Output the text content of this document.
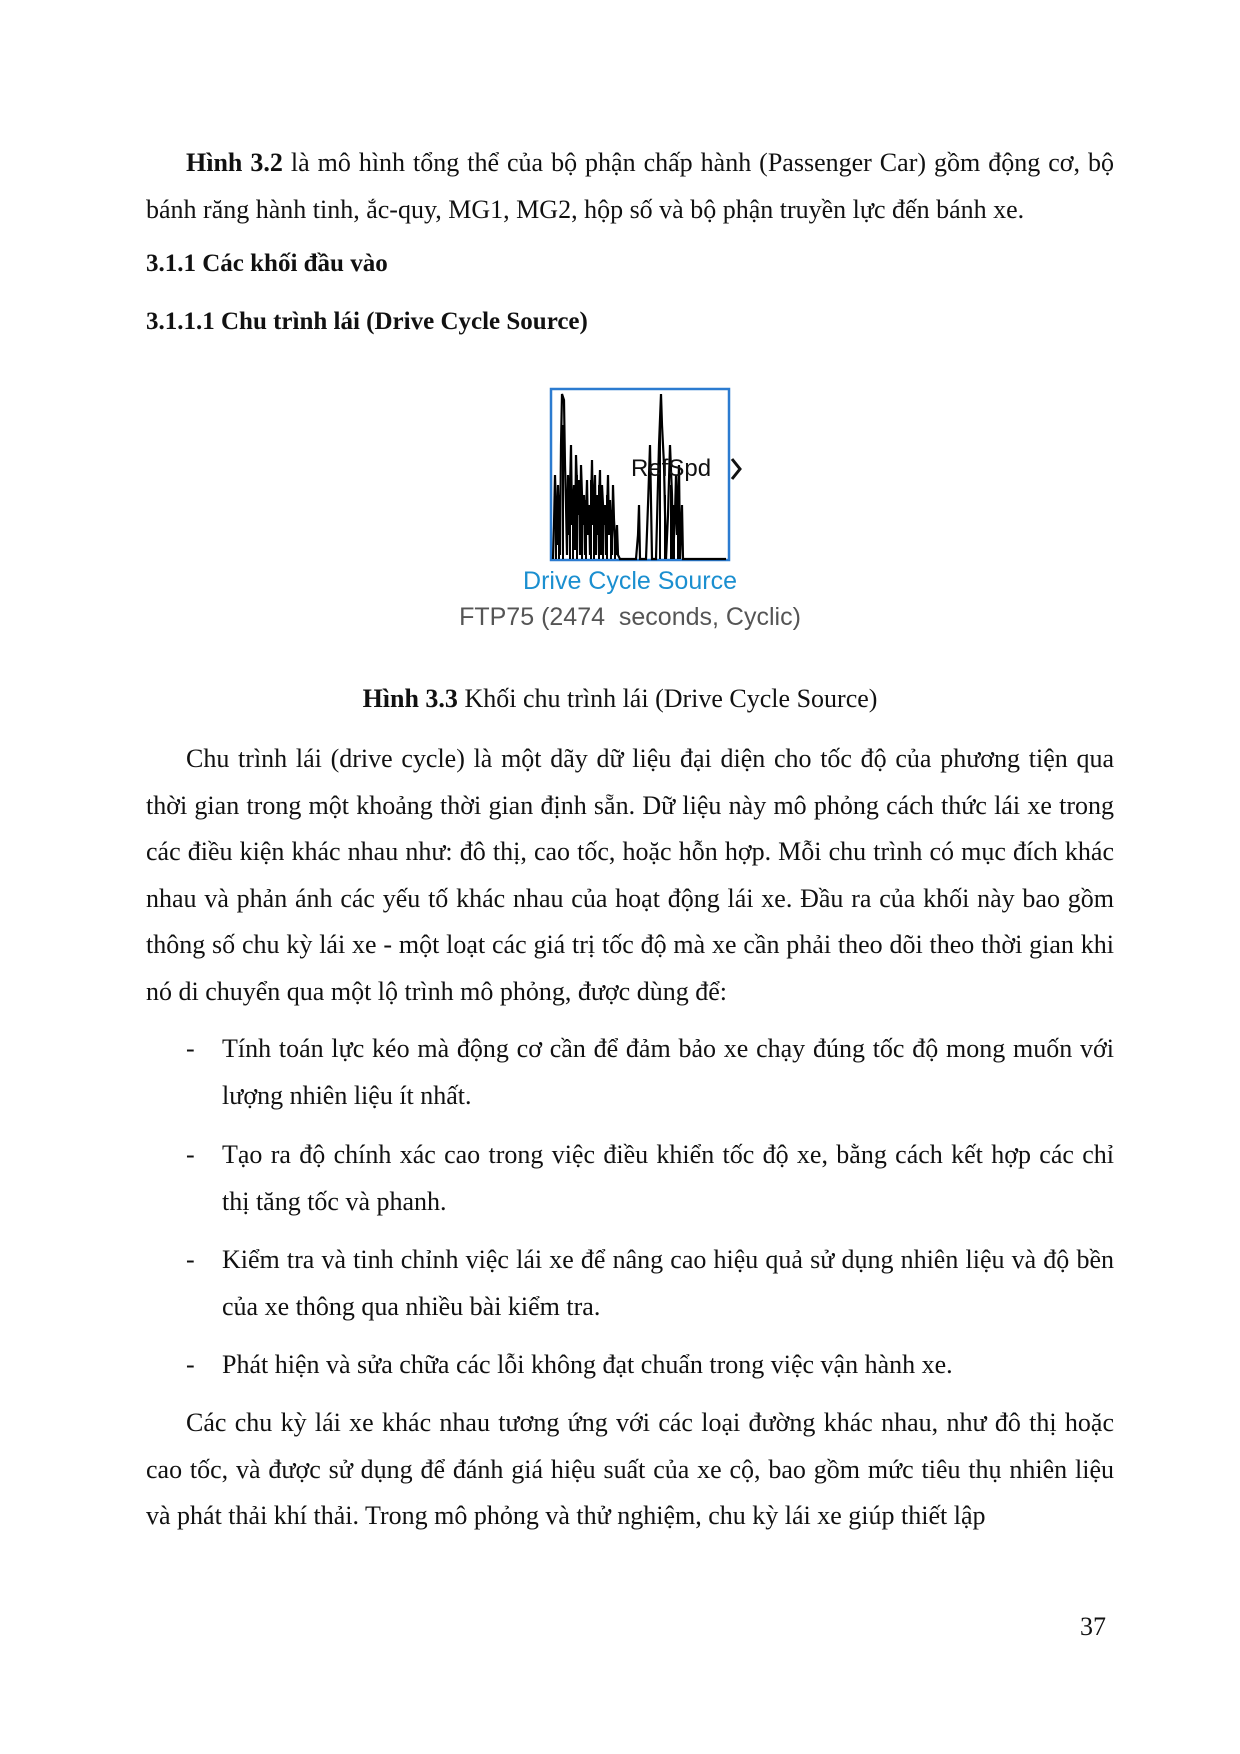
Hình 3.2 là mô hình tổng thể của bộ phận chấp hành (Passenger Car) gồm động cơ, bộ bánh răng hành tinh, ắc-quy, MG1, MG2, hộp số và bộ phận truyền lực đến bánh xe.

3.1.1 Các khối đầu vào

3.1.1.1 Chu trình lái (Drive Cycle Source)

RefSpd
Drive Cycle Source
FTP75 (2474  seconds, Cyclic)

Hình 3.3 Khối chu trình lái (Drive Cycle Source)

Chu trình lái (drive cycle) là một dãy dữ liệu đại diện cho tốc độ của phương tiện qua thời gian trong một khoảng thời gian định sẵn. Dữ liệu này mô phỏng cách thức lái xe trong các điều kiện khác nhau như: đô thị, cao tốc, hoặc hỗn hợp. Mỗi chu trình có mục đích khác nhau và phản ánh các yếu tố khác nhau của hoạt động lái xe. Đầu ra của khối này bao gồm thông số chu kỳ lái xe - một loạt các giá trị tốc độ mà xe cần phải theo dõi theo thời gian khi nó di chuyển qua một lộ trình mô phỏng, được dùng để:

- Tính toán lực kéo mà động cơ cần để đảm bảo xe chạy đúng tốc độ mong muốn với lượng nhiên liệu ít nhất.

- Tạo ra độ chính xác cao trong việc điều khiển tốc độ xe, bằng cách kết hợp các chỉ thị tăng tốc và phanh.

- Kiểm tra và tinh chỉnh việc lái xe để nâng cao hiệu quả sử dụng nhiên liệu và độ bền của xe thông qua nhiều bài kiểm tra.

- Phát hiện và sửa chữa các lỗi không đạt chuẩn trong việc vận hành xe.

Các chu kỳ lái xe khác nhau tương ứng với các loại đường khác nhau, như đô thị hoặc cao tốc, và được sử dụng để đánh giá hiệu suất của xe cộ, bao gồm mức tiêu thụ nhiên liệu và phát thải khí thải. Trong mô phỏng và thử nghiệm, chu kỳ lái xe giúp thiết lập

37
